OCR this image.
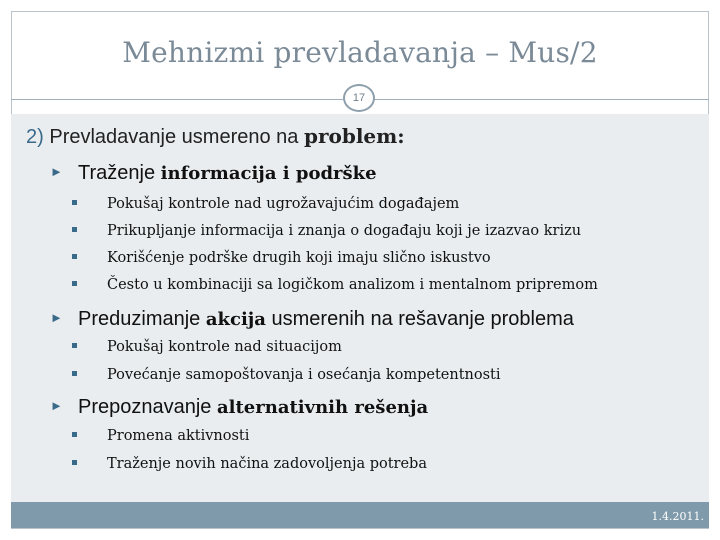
Mehnizmi prevladavanja – Mus/2
17
2) Prevladavanje usmereno na problem:
► Traženje informacija i podrške
Pokušaj kontrole nad ugrožavajućim događajem
Prikupljanje informacija i znanja o događaju koji je izazvao krizu
Korišćenje podrške drugih koji imaju slično iskustvo
Često u kombinaciji sa logičkom analizom i mentalnom pripremom
► Preduzimanje akcija usmerenih na rešavanje problema
Pokušaj kontrole nad situacijom
Povećanje samopoštovanja i osećanja kompetentnosti
► Prepoznavanje alternativnih rešenja
Promena aktivnosti
Traženje novih načina zadovoljenja potreba
1.4.2011.
